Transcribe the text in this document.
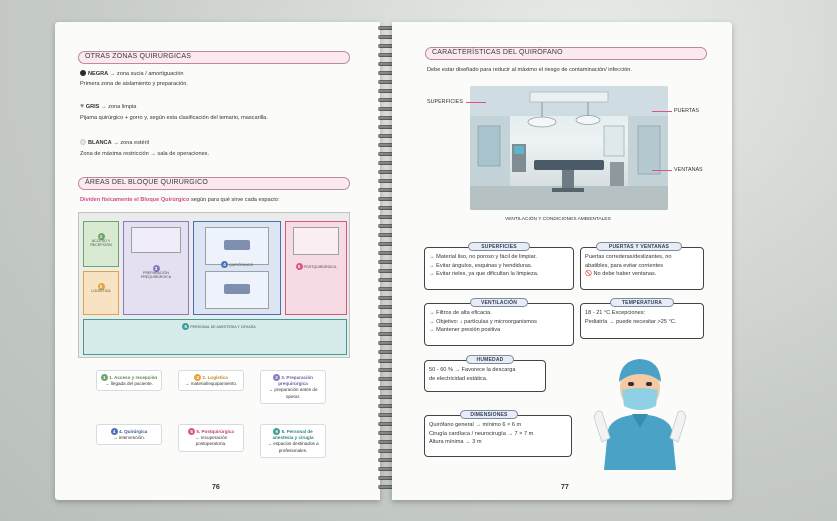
OTRAS ZONAS QUIRÚRGICAS
NEGRA → zona sucia / amortiguación
Primera zona de aislamiento y preparación.
♥ GRIS → zona limpia
Pijama quirúrgico + gorro y, según esta clasificación del temario, mascarilla.
BLANCA → zona estéril
Zona de máxima restricción → sala de operaciones.
ÁREAS DEL BLOQUE QUIRÚRGICO
Dividen físicamente el Bloque Quirúrgico según para qué sirve cada espacio:
1
ACCESO Y RECEPCIÓN
2
LOGÍSTICA
3
PREPARACIÓN PREQUIRÚRGICA
4 QUIRÓFANOS	5 POSTQUIRÚRGICA
6 PERSONAL DE ANESTESIA Y CIRUGÍA
1 1. Acceso y recepción
→ llegada del paciente.
2 2. Logística
→ material/equipamiento.
3 3. Preparación prequirúrgica
→ preparación antes de operar.
4 4. Quirúrgica
→ intervención.
5 5. Postquirúrgica
→ recuperación postoperatoria.
6 6. Personal de anestesia y cirugía
→ espacios destinados a profesionales.
76
CARACTERÍSTICAS DEL QUIRÓFANO
Debe estar diseñado para reducir al máximo el riesgo de contaminación/ infección.
SUPERFICIES
PUERTAS
VENTANAS
VENTILACIÓN Y CONDICIONES AMBIENTALES
→ Material liso, no poroso y fácil de limpiar.
→ Evitar ángulos, esquinas y hendiduras.
→ Evitar rieles, ya que dificultan la limpieza.
SUPERFICIES
Puertas correderas/deslizantes, no
abatibles, para evitar corrientes
🚫 No debe haber ventanas.
PUERTAS Y VENTANAS
→ Filtros de alta eficacia.
→ Objetivo: ↓ partículas y microorganismos
→ Mantener presión positiva
VENTILACIÓN
18 - 21 °C Excepciones:
Pediatría → puede necesitar >25 °C.
TEMPERATURA
50 - 60 % → Favorece la descarga
de electricidad estática.
HUMEDAD
Quirófano general → mínimo 6 × 6 m
Cirugía cardíaca / neurocirugía → 7 × 7 m
Altura mínima → 3 m
DIMENSIONES
77
